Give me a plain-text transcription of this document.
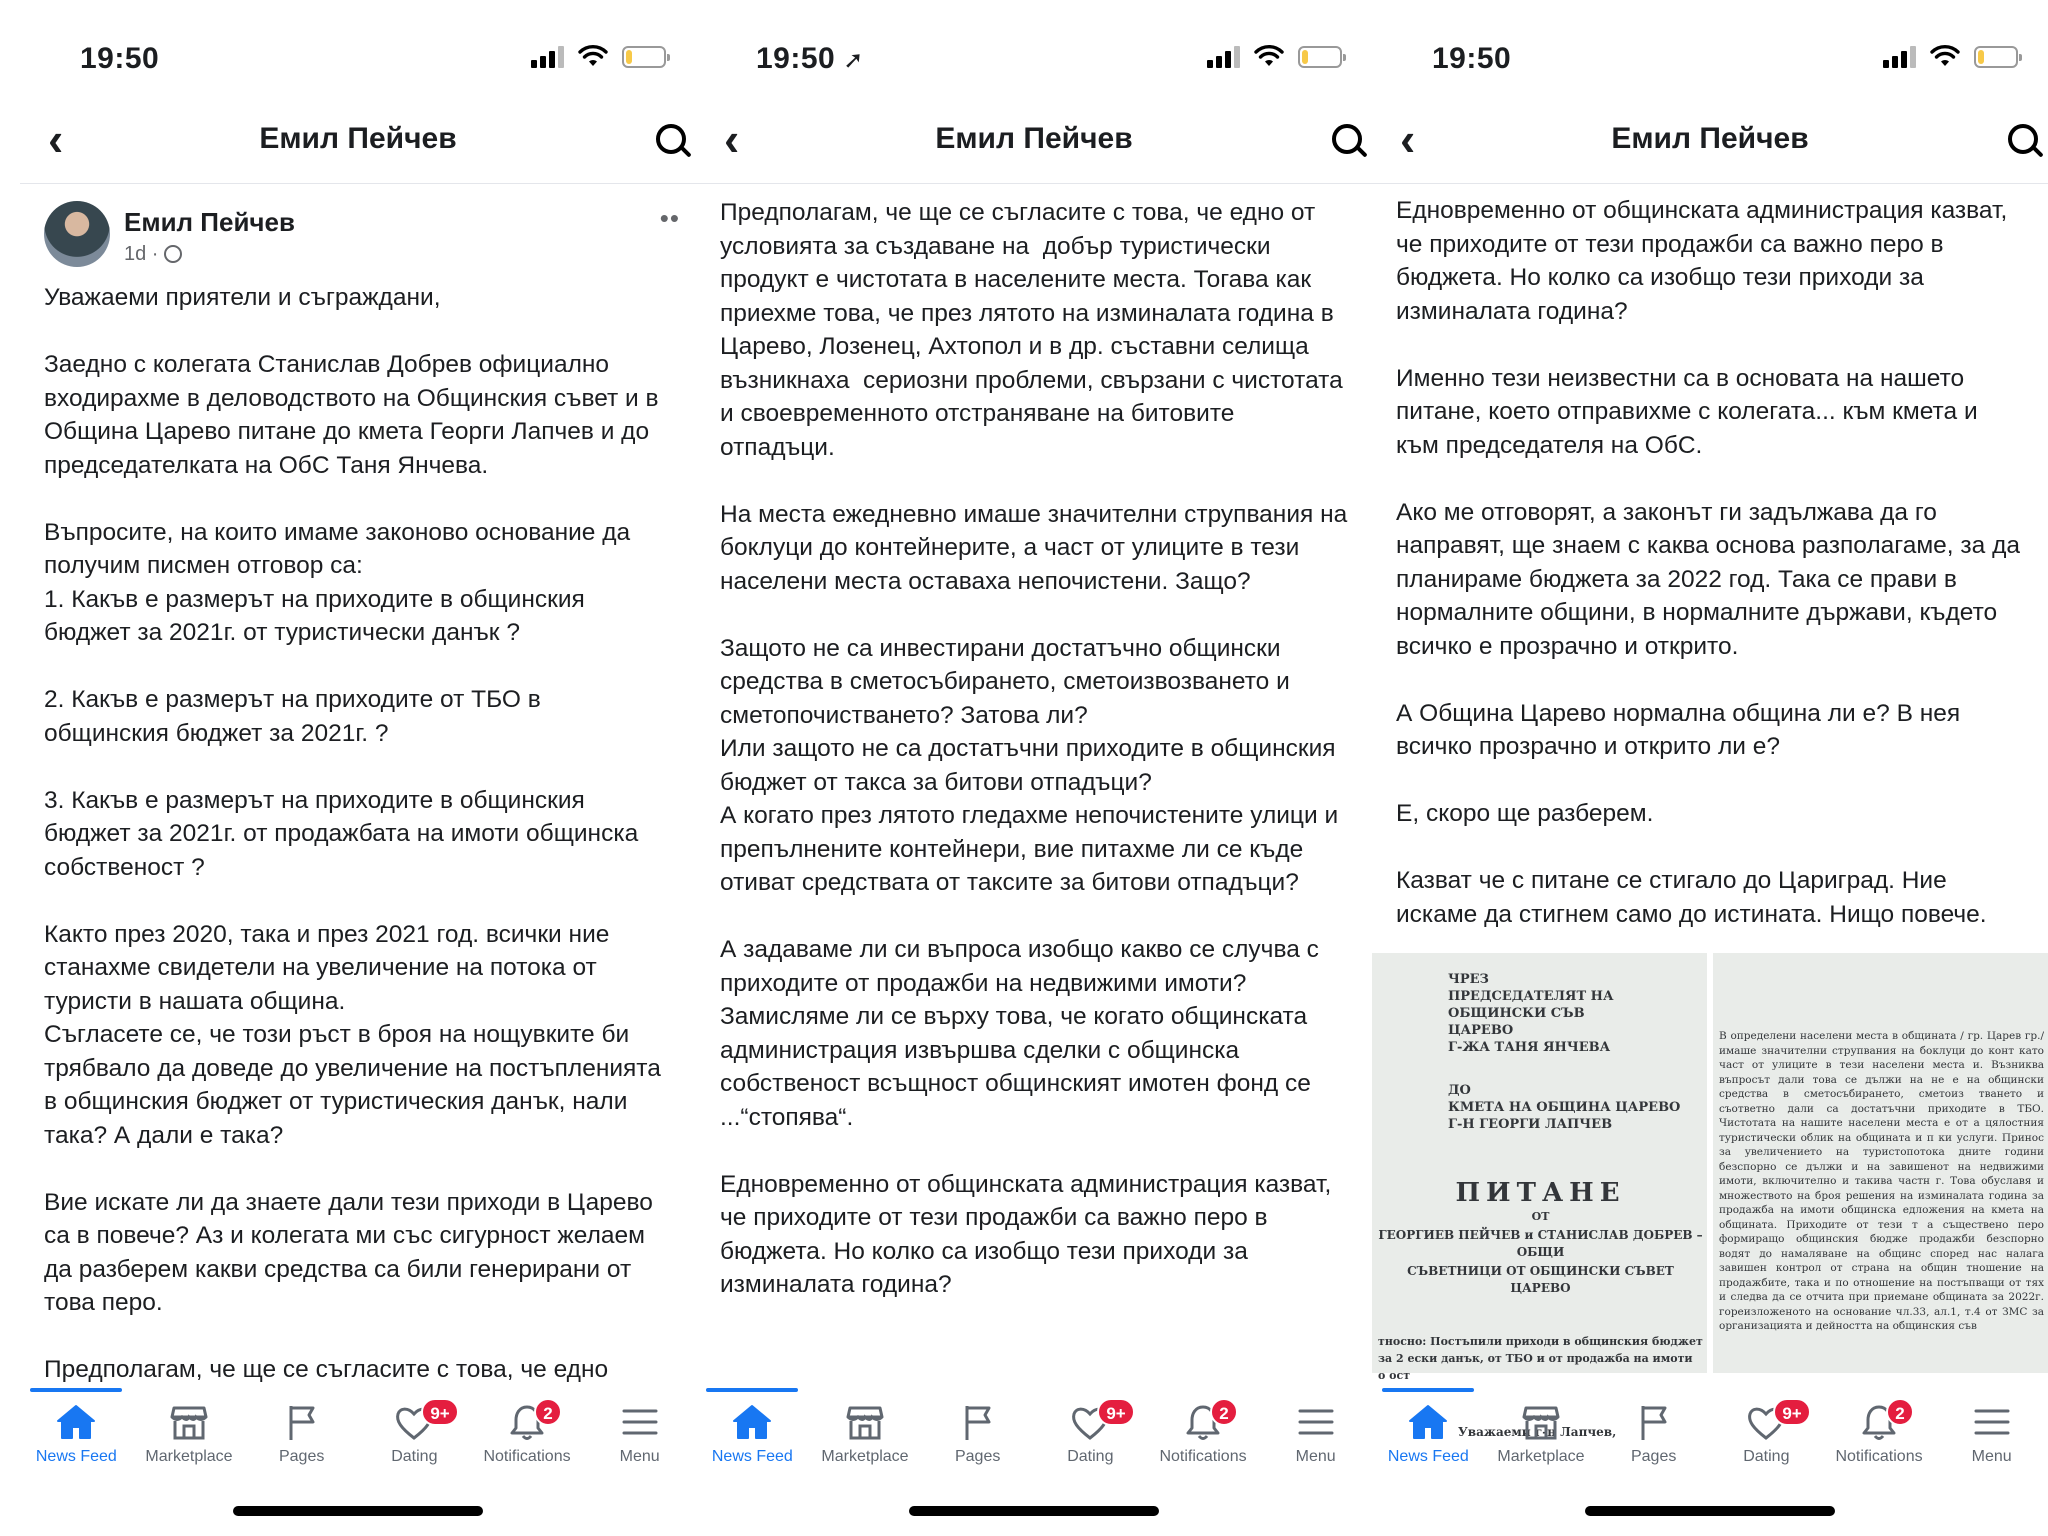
19:50
‹	Емил Пейчев
Емил Пейчев
1d ·
••
Уважаеми приятели и съграждани,

Заедно с колегата Станислав Добрев официално входирахме в деловодството на Общинския съвет и в Община Царево питане до кмета Георги Лапчев и до председателката на ОбС Таня Янчева.

Въпросите, на които имаме законово основание да получим писмен отговор са:
1. Какъв е размерът на приходите в общинския бюджет за 2021г. от туристически данък ?

2. Какъв е размерът на приходите от ТБО в общинския бюджет за 2021г. ?

3. Какъв е размерът на приходите в общинския бюджет за 2021г. от продажбата на имоти общинска собственост ?

Както през 2020, така и през 2021 год. всички ние станахме свидетели на увеличение на потока от туристи в нашата община.
Съгласете се, че този ръст в броя на нощувките би трябвало да доведе до увеличение на постъпленията в общинския бюджет от туристическия данък, нали така? А дали е така?

Вие искате ли да знаете дали тези приходи в Царево са в повече? Аз и колегата ми със сигурност желаем да разберем какви средства са били генерирани от това перо.

Предполагам, че ще се съгласите с това, че едно
News Feed Marketplace	Pages
9+
Dating
2
Notifications	Menu
19:50 ➚
‹	Емил Пейчев
Предполагам, че ще се съгласите с това, че едно от условията за създаване на  добър туристически продукт е чистотата в населените места. Тогава как приехме това, че през лятото на изминалата година в Царево, Лозенец, Ахтопол и в др. съставни селища възникнаха  сериозни проблеми, свързани с чистотата и своевременното отстраняване на битовите отпадъци.

На места ежедневно имаше значителни струпвания на боклуци до контейнерите, а част от улиците в тези населени места оставаха непочистени. Защо?

Защото не са инвестирани достатъчно общински средства в сметосъбирането, сметоизвозването и сметопочистването? Затова ли?
Или защото не са достатъчни приходите в общинския бюджет от такса за битови отпадъци?
А когато през лятото гледахме непочистените улици и препълнените контейнери, вие питахме ли се къде отиват средствата от таксите за битови отпадъци?

А задаваме ли си въпроса изобщо какво се случва с приходите от продажби на недвижими имоти? Замисляме ли се върху това, че когато общинската администрация извършва сделки с общинска собственост всъщност общинският имотен фонд се ...“стопява“.

Едновременно от общинската администрация казват, че приходите от тези продажби са важно перо в бюджета. Но колко са изобщо тези приходи за изминалата година?
News Feed Marketplace	Pages
9+
Dating
2
Notifications	Menu
19:50
‹	Емил Пейчев
Едновременно от общинската администрация казват, че приходите от тези продажби са важно перо в бюджета. Но колко са изобщо тези приходи за изминалата година?

Именно тези неизвестни са в основата на нашето питане, което отправихме с колегата... към кмета и към председателя на ОбС.

Ако ме отговорят, а законът ги задължава да го направят, ще знаем с каква основа разполагаме, за да планираме бюджета за 2022 год. Така се прави в нормалните общини, в нормалните държави, където всичко е прозрачно и открито.

А Община Царево нормална община ли е? В нея всичко прозрачно и открито ли е?

Е, скоро ще разберем.

Казват че с питане се стигало до Цариград. Ние искаме да стигнем само до истината. Нищо повече.
ЧРЕЗ
ПРЕДСЕДАТЕЛЯТ НА ОБЩИНСКИ СЪВ
ЦАРЕВО
Г-ЖА ТАНЯ ЯНЧЕВА
ДО
КМЕТА НА ОБЩИНА ЦАРЕВО
Г-Н ГЕОРГИ ЛАПЧЕВ
ПИТАНЕ
ОТ
ГЕОРГИЕВ ПЕЙЧЕВ и СТАНИСЛАВ ДОБРЕВ – ОБЩИ
СЪВЕТНИЦИ ОТ ОБЩИНСКИ СЪВЕТ ЦАРЕВО
тносно: Постъпили приходи в общинския бюджет за 2 ески данък, от ТБО и от продажба на имоти о ост
Уважаеми г-н Лапчев,
В определени населени места в общината / гр. Царев гр./ имаше значителни струпвания на боклуци до конт като част от улиците в тези населени места и. Възниква въпросът дали това се дължи на не е на общински средства в сметосъбирането, сметоиз твaнето и съответно дали са достатъчни приходите в ТБО. Чистотата на нашите населени места е от а цялостния туристически облик на общината и п ки услуги. Принос за увеличението на туристопотока дните години безспорно се дължи и на завишенот на недвижими имоти, включително и такива частн г. Това обуславя и множеството на броя решения на изминалата година за продажба на имоти общинска едложения на кмета на общината. Приходите от тези т а съществено перо формиращо общинския бюдже продажби безспорно водят до намаляване на общинс според нас налага завишен контрол от страна на общин тношение на продажбите, така и по отношение на постъпващи от тях и следва да се отчита при приемане общината за 2022г. гореизложеното на основание чл.33, ал.1, т.4 от ЗМС за организацията и дейността на общинския съв
News Feed Marketplace	Pages
9+
Dating
2
Notifications	Menu
